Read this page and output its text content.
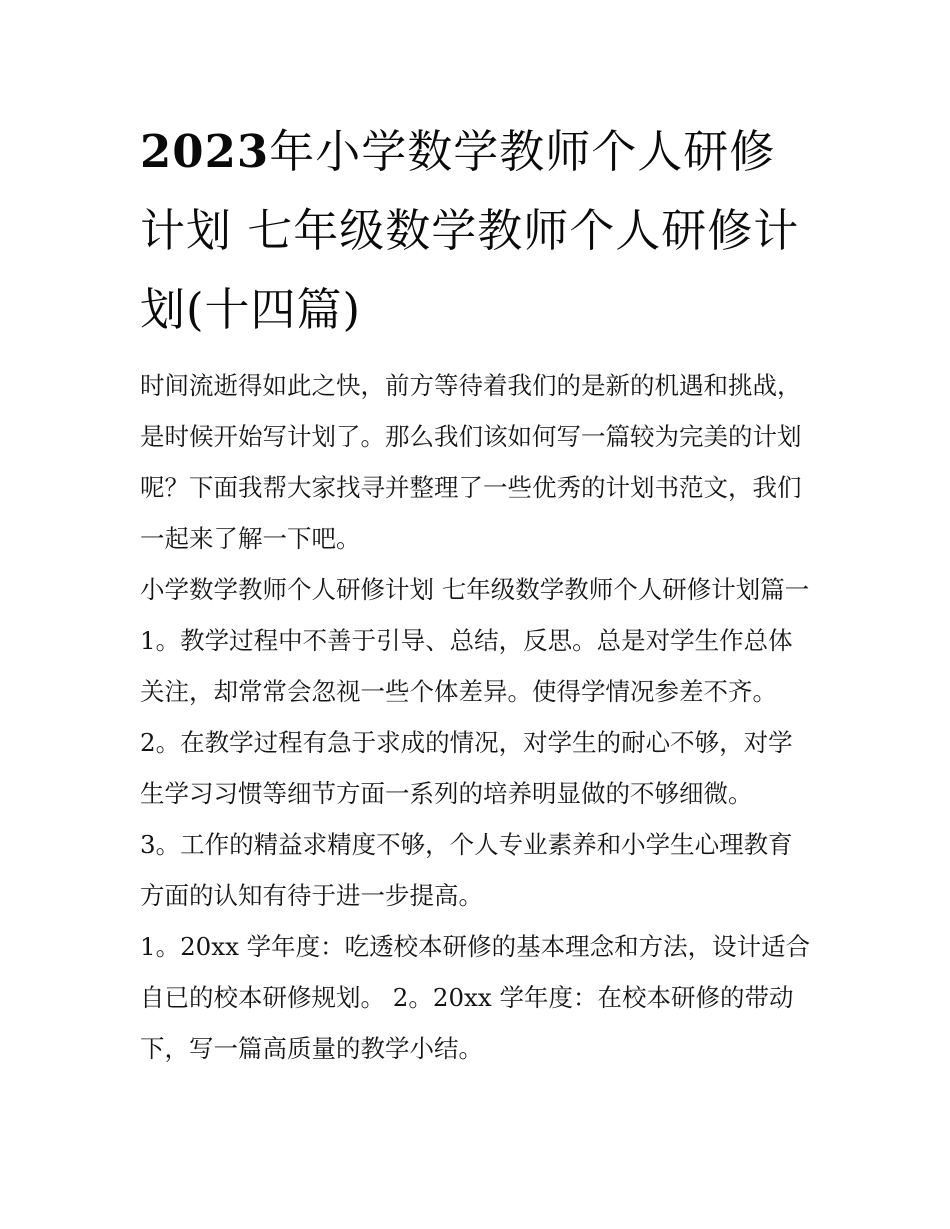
2023年小学数学教师个人研修计划 七年级数学教师个人研修计划(十四篇)

时间流逝得如此之快，前方等待着我们的是新的机遇和挑战，是时候开始写计划了。那么我们该如何写一篇较为完美的计划呢？下面我帮大家找寻并整理了一些优秀的计划书范文，我们一起来了解一下吧。

小学数学教师个人研修计划 七年级数学教师个人研修计划篇一

1。教学过程中不善于引导、总结，反思。总是对学生作总体关注，却常常会忽视一些个体差异。使得学情况参差不齐。

2。在教学过程有急于求成的情况，对学生的耐心不够，对学生学习习惯等细节方面一系列的培养明显做的不够细微。

3。工作的精益求精度不够，个人专业素养和小学生心理教育方面的认知有待于进一步提高。

1。20xx 学年度：吃透校本研修的基本理念和方法，设计适合自已的校本研修规划。 2。20xx 学年度：在校本研修的带动下，写一篇高质量的教学小结。
